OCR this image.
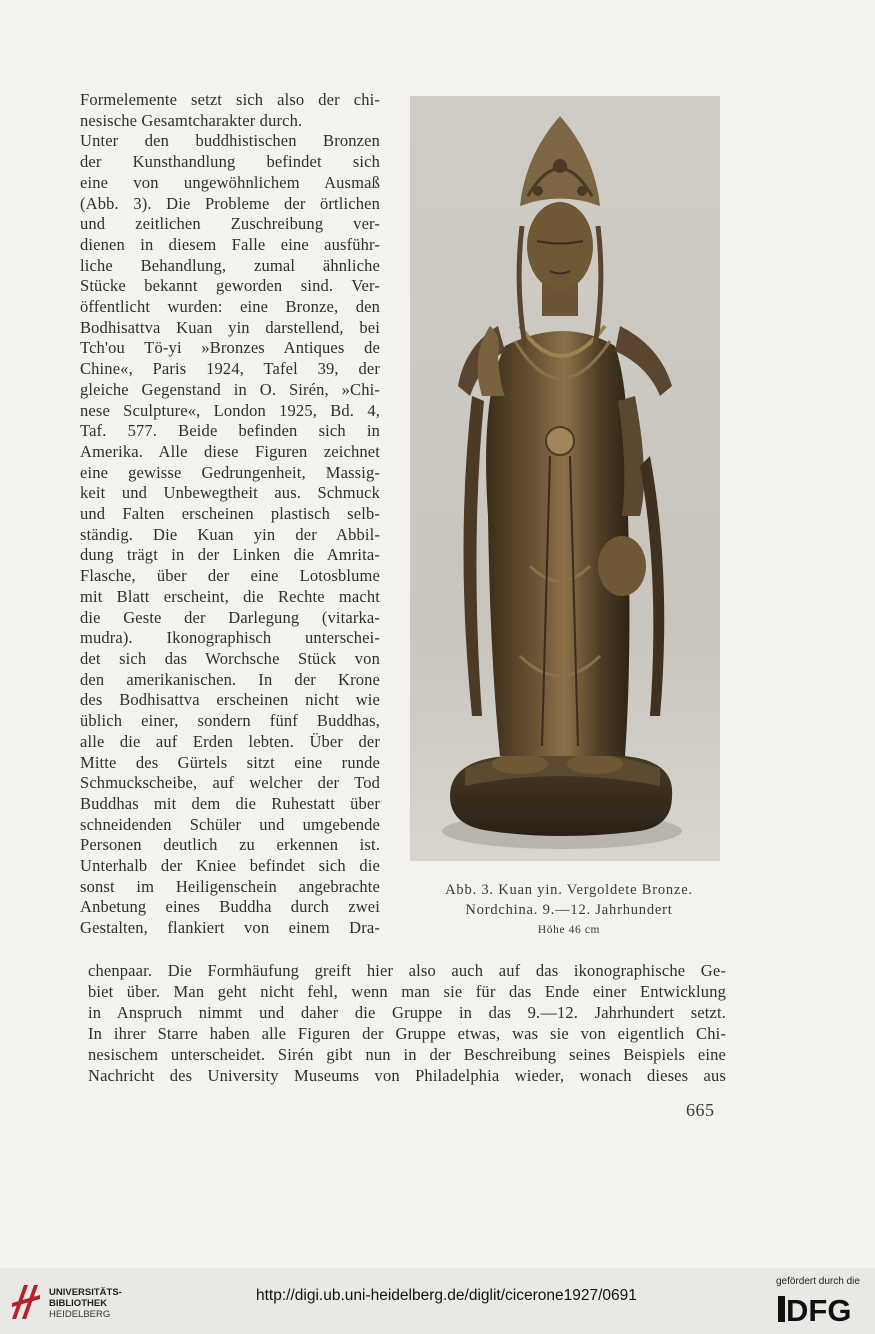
Formelemente setzt sich also der chi-
nesische Gesamtcharakter durch.
Unter den buddhistischen Bronzen
der Kunsthandlung befindet sich
eine von ungewöhnlichem Ausmaß
(Abb. 3). Die Probleme der örtlichen
und zeitlichen Zuschreibung ver-
dienen in diesem Falle eine ausführ-
liche Behandlung, zumal ähnliche
Stücke bekannt geworden sind. Ver-
öffentlicht wurden: eine Bronze, den
Bodhisattva Kuan yin darstellend, bei
Tch'ou Tö-yi »Bronzes Antiques de
Chine«, Paris 1924, Tafel 39, der
gleiche Gegenstand in O. Sirén, »Chi-
nese Sculpture«, London 1925, Bd. 4,
Taf. 577. Beide befinden sich in
Amerika. Alle diese Figuren zeichnet
eine gewisse Gedrungenheit, Massig-
keit und Unbewegtheit aus. Schmuck
und Falten erscheinen plastisch selb-
ständig. Die Kuan yin der Abbil-
dung trägt in der Linken die Amrita-
Flasche, über der eine Lotosblume
mit Blatt erscheint, die Rechte macht
die Geste der Darlegung (vitarka-
mudra). Ikonographisch unterschei-
det sich das Worchsche Stück von
den amerikanischen. In der Krone
des Bodhisattva erscheinen nicht wie
üblich einer, sondern fünf Buddhas,
alle die auf Erden lebten. Über der
Mitte des Gürtels sitzt eine runde
Schmuckscheibe, auf welcher der Tod
Buddhas mit dem die Ruhestatt über
schneidenden Schüler und umgebende
Personen deutlich zu erkennen ist.
Unterhalb der Kniee befindet sich die
sonst im Heiligenschein angebrachte
Anbetung eines Buddha durch zwei
Gestalten, flankiert von einem Dra-
Abb. 3. Kuan yin. Vergoldete Bronze.
Nordchina. 9.—12. Jahrhundert
Höhe 46 cm
chenpaar. Die Formhäufung greift hier also auch auf das ikonographische Ge-
biet über. Man geht nicht fehl, wenn man sie für das Ende einer Entwicklung
in Anspruch nimmt und daher die Gruppe in das 9.—12. Jahrhundert setzt.
In ihrer Starre haben alle Figuren der Gruppe etwas, was sie von eigentlich Chi-
nesischem unterscheidet. Sirén gibt nun in der Beschreibung seines Beispiels eine
Nachricht des University Museums von Philadelphia wieder, wonach dieses aus
665
UNIVERSITÄTS-
BIBLIOTHEK
HEIDELBERG
http://digi.ub.uni-heidelberg.de/diglit/cicerone1927/0691
gefördert durch die
DFG
